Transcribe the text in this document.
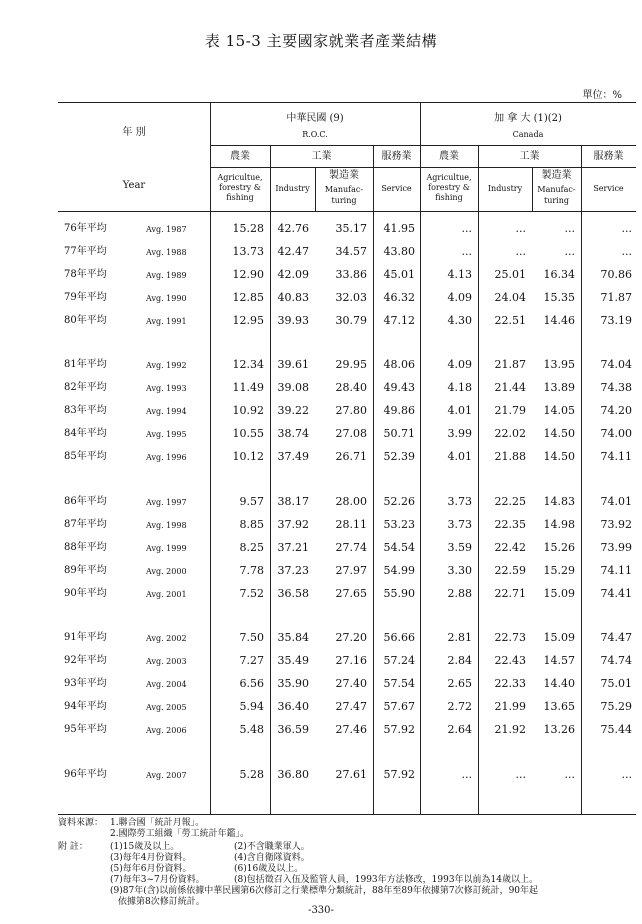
表 15-3 主要國家就業者產業結構
單位：%
年 別
Year
中華民國 (9)
R.O.C.
加 拿 大 (1)(2)
Canada
農業
Agricultue,
forestry &
fishing
工業
Industry
製造業
Manufac-
turing
服務業
Service
農業
Agricultue,
forestry &
fishing
工業
Industry
製造業
Manufac-
turing
服務業
Service
76年平均	Avg. 1987	15.28	42.76	35.17	41.95	...	...	...	...
77年平均	Avg. 1988	13.73	42.47	34.57	43.80	...	...	...	...
78年平均	Avg. 1989	12.90	42.09	33.86	45.01	4.13	25.01	16.34	70.86
79年平均	Avg. 1990	12.85	40.83	32.03	46.32	4.09	24.04	15.35	71.87
80年平均	Avg. 1991	12.95	39.93	30.79	47.12	4.30	22.51	14.46	73.19
81年平均	Avg. 1992	12.34	39.61	29.95	48.06	4.09	21.87	13.95	74.04
82年平均	Avg. 1993	11.49	39.08	28.40	49.43	4.18	21.44	13.89	74.38
83年平均	Avg. 1994	10.92	39.22	27.80	49.86	4.01	21.79	14.05	74.20
84年平均	Avg. 1995	10.55	38.74	27.08	50.71	3.99	22.02	14.50	74.00
85年平均	Avg. 1996	10.12	37.49	26.71	52.39	4.01	21.88	14.50	74.11
86年平均	Avg. 1997	9.57	38.17	28.00	52.26	3.73	22.25	14.83	74.01
87年平均	Avg. 1998	8.85	37.92	28.11	53.23	3.73	22.35	14.98	73.92
88年平均	Avg. 1999	8.25	37.21	27.74	54.54	3.59	22.42	15.26	73.99
89年平均	Avg. 2000	7.78	37.23	27.97	54.99	3.30	22.59	15.29	74.11
90年平均	Avg. 2001	7.52	36.58	27.65	55.90	2.88	22.71	15.09	74.41
91年平均	Avg. 2002	7.50	35.84	27.20	56.66	2.81	22.73	15.09	74.47
92年平均	Avg. 2003	7.27	35.49	27.16	57.24	2.84	22.43	14.57	74.74
93年平均	Avg. 2004	6.56	35.90	27.40	57.54	2.65	22.33	14.40	75.01
94年平均	Avg. 2005	5.94	36.40	27.47	57.67	2.72	21.99	13.65	75.29
95年平均	Avg. 2006	5.48	36.59	27.46	57.92	2.64	21.92	13.26	75.44
96年平均	Avg. 2007	5.28	36.80	27.61	57.92	...	...	...	...
資料來源： 1.聯合國「統計月報」。
2.國際勞工組織「勞工統計年鑑」。
附 註： (1)15歲及以上。	(2)不含職業軍人。
(3)每年4月份資料。	(4)含自衛隊資料。
(5)每年6月份資料。	(6)16歲及以上。
(7)每年3~7月份資料。	(8)包括徵召入伍及監管人員，1993年方法修改，1993年以前為14歲以上。
(9)87年(含)以前係依據中華民國第6次修訂之行業標準分類統計，88年至89年依據第7次修訂統計，90年起
依據第8次修訂統計。
-330-
